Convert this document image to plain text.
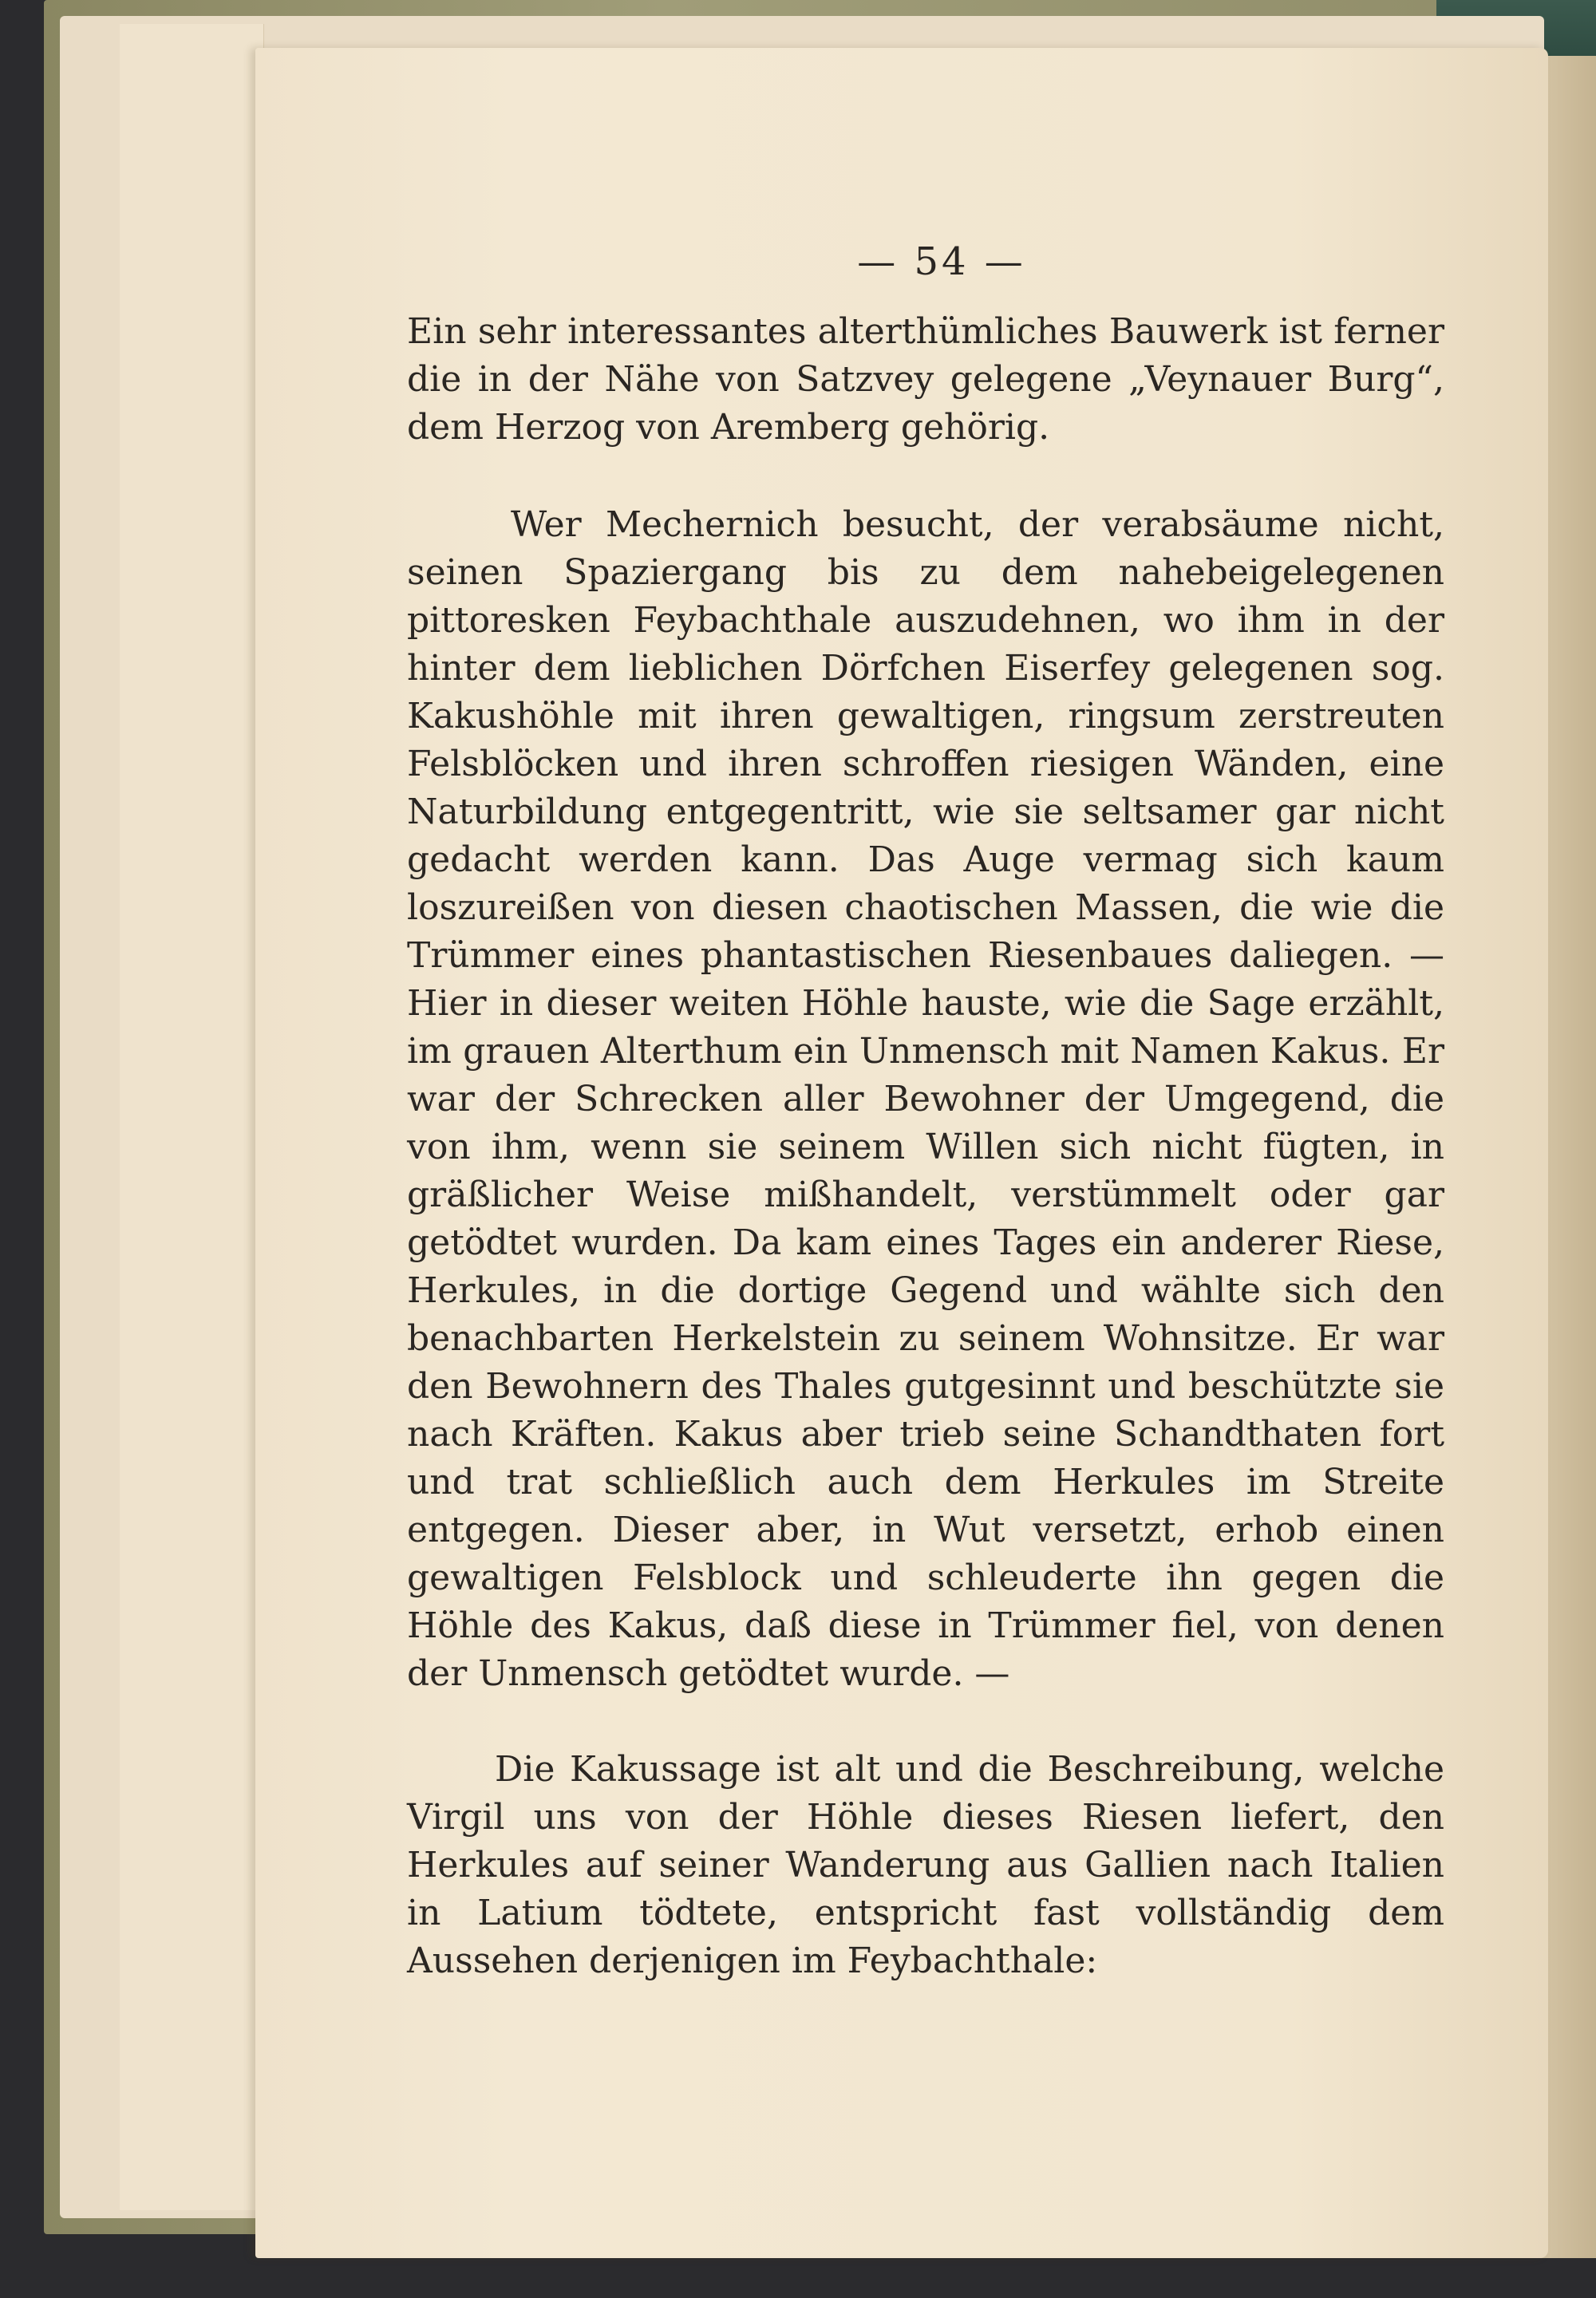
— 54 —

Ein sehr interessantes alterthümliches Bauwerk ist ferner die in der Nähe von Satzvey gelegene „Veynauer Burg“, dem Herzog von Aremberg gehörig.

Wer Mechernich besucht, der verabsäume nicht, seinen Spaziergang bis zu dem nahebeigelegenen pittoresken Feybachthale auszudehnen, wo ihm in der hinter dem lieblichen Dörfchen Eiserfey gelegenen sog. Kakushöhle mit ihren gewaltigen, ringsum zerstreuten Felsblöcken und ihren schroffen riesigen Wänden, eine Naturbildung entgegentritt, wie sie seltsamer gar nicht gedacht werden kann. Das Auge vermag sich kaum loszureißen von diesen chaotischen Massen, die wie die Trümmer eines phantastischen Riesenbaues daliegen. — Hier in dieser weiten Höhle hauste, wie die Sage erzählt, im grauen Alterthum ein Unmensch mit Namen Kakus. Er war der Schrecken aller Bewohner der Umgegend, die von ihm, wenn sie seinem Willen sich nicht fügten, in gräßlicher Weise mißhandelt, verstümmelt oder gar getödtet wurden. Da kam eines Tages ein anderer Riese, Herkules, in die dortige Gegend und wählte sich den benachbarten Herkelstein zu seinem Wohnsitze. Er war den Bewohnern des Thales gutgesinnt und beschützte sie nach Kräften. Kakus aber trieb seine Schandthaten fort und trat schließlich auch dem Herkules im Streite entgegen. Dieser aber, in Wut versetzt, erhob einen gewaltigen Felsblock und schleuderte ihn gegen die Höhle des Kakus, daß diese in Trümmer fiel, von denen der Unmensch getödtet wurde. —

Die Kakussage ist alt und die Beschreibung, welche Virgil uns von der Höhle dieses Riesen liefert, den Herkules auf seiner Wanderung aus Gallien nach Italien in Latium tödtete, entspricht fast vollständig dem Aussehen derjenigen im Feybachthale:
